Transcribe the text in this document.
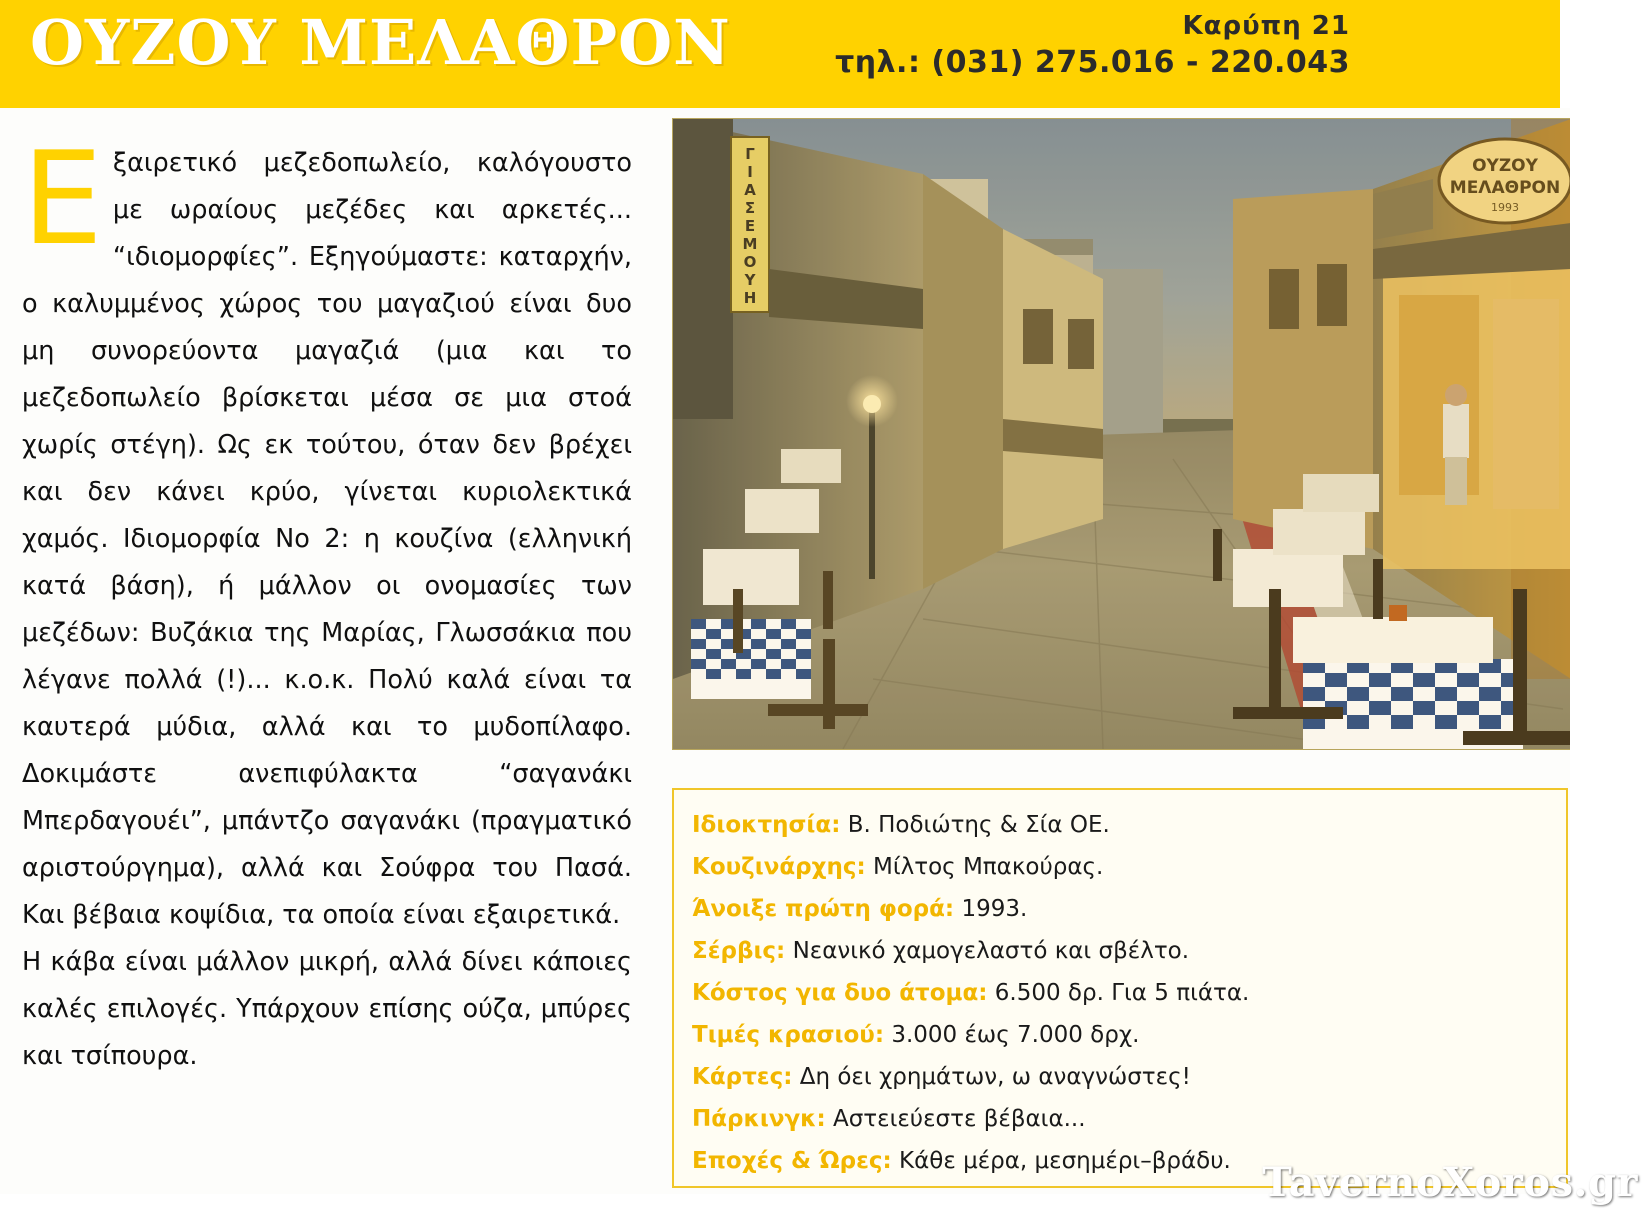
ΟΥΖΟΥ ΜΕΛΑΘΡΟΝ	Καρύπη 21
τηλ.: (031) 275.016 - 220.043
Ε ξαιρετικό μεζεδοπωλείο, καλόγουστο με ωραίους μεζέδες και αρκετές... “ιδιομορφίες”. Εξηγούμαστε: καταρχήν, ο καλυμμένος χώρος του μαγαζιού είναι δυο μη συνορεύοντα μαγαζιά (μια και το μεζεδοπωλείο βρίσκεται μέσα σε μια στοά χωρίς στέγη). Ως εκ τούτου, όταν δεν βρέχει και δεν κάνει κρύο, γίνεται κυριολεκτικά χαμός. Ιδιομορφία Νο 2: η κουζίνα (ελληνική κατά βάση), ή μάλλον οι ονομασίες των μεζέδων: Βυζάκια της Μαρίας, Γλωσσάκια που λέγανε πολλά (!)... κ.ο.κ. Πολύ καλά είναι τα καυτερά μύδια, αλλά και το μυδοπίλαφο. Δοκιμάστε ανεπιφύλακτα “σαγανάκι Μπερδαγουέι”, μπάντζο σαγανάκι (πραγματικό αριστούργημα), αλλά και Σούφρα του Πασά. Και βέβαια κοψίδια, τα οποία είναι εξαιρετικά.

Η κάβα είναι μάλλον μικρή, αλλά δίνει κάποιες καλές επιλογές. Υπάρχουν επίσης ούζα, μπύρες και τσίπουρα.

Γ
Ι
Α
Σ
Ε
Μ
Ο
Υ
Η
ΟΥΖΟΥ
ΜΕΛΑΘΡΟΝ
1993
Ιδιοκτησία: Β. Ποδιώτης & Σία ΟΕ.
Κουζινάρχης: Μίλτος Μπακούρας.
Άνοιξε πρώτη φορά: 1993.
Σέρβις: Νεανικό χαμογελαστό και σβέλτο.
Κόστος για δυο άτομα: 6.500 δρ. Για 5 πιάτα.
Τιμές κρασιού: 3.000 έως 7.000 δρχ.
Κάρτες: Δη όει χρημάτων, ω αναγνώστες!
Πάρκινγκ: Αστειεύεστε βέβαια...
Εποχές & Ώρες: Κάθε μέρα, μεσημέρι–βράδυ. TavernoXoros.gr
